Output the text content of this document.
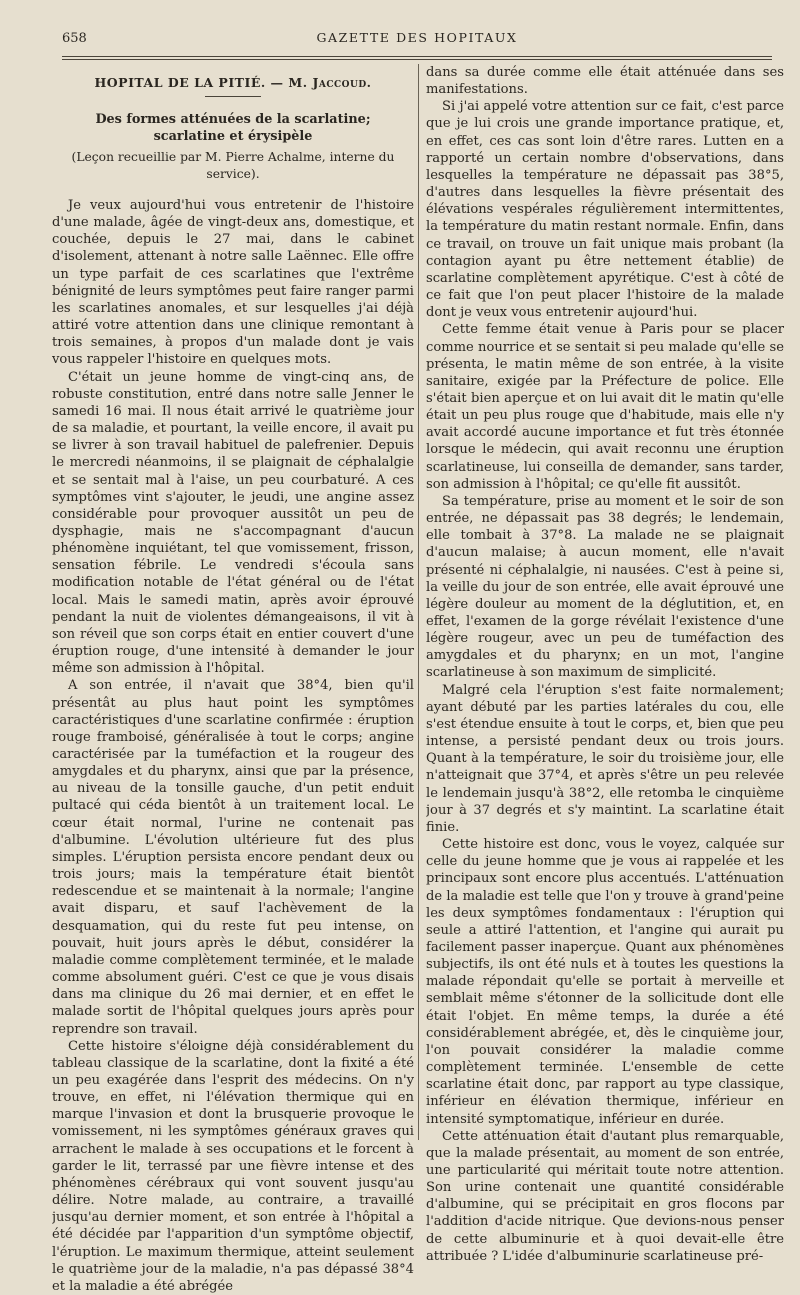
658	GAZETTE DES HOPITAUX
HOPITAL DE LA PITIÉ. — M. Jaccoud.
Des formes atténuées de la scarlatine; scarlatine et érysipèle
(Leçon recueillie par M. Pierre Achalme, interne du service).

Je veux aujourd'hui vous entretenir de l'histoire d'une malade, âgée de vingt-deux ans, domestique, et couchée, depuis le 27 mai, dans le cabinet d'isolement, attenant à notre salle Laënnec. Elle offre un type parfait de ces scarlatines que l'extrême bénignité de leurs symptômes peut faire ranger parmi les scarlatines anomales, et sur lesquelles j'ai déjà attiré votre attention dans une clinique remontant à trois semaines, à propos d'un malade dont je vais vous rappeler l'histoire en quelques mots.

C'était un jeune homme de vingt-cinq ans, de robuste constitution, entré dans notre salle Jenner le samedi 16 mai. Il nous était arrivé le quatrième jour de sa maladie, et pourtant, la veille encore, il avait pu se livrer à son travail habituel de palefrenier. Depuis le mercredi néanmoins, il se plaignait de céphalalgie et se sentait mal à l'aise, un peu courbaturé. A ces symptômes vint s'ajouter, le jeudi, une angine assez considérable pour provoquer aussitôt un peu de dysphagie, mais ne s'accompagnant d'aucun phénomène inquiétant, tel que vomissement, frisson, sensation fébrile. Le vendredi s'écoula sans modification notable de l'état général ou de l'état local. Mais le samedi matin, après avoir éprouvé pendant la nuit de violentes démangeaisons, il vit à son réveil que son corps était en entier couvert d'une éruption rouge, d'une intensité à demander le jour même son admission à l'hôpital.

A son entrée, il n'avait que 38°4, bien qu'il présentât au plus haut point les symptômes caractéristiques d'une scarlatine confirmée : éruption rouge framboisé, généralisée à tout le corps; angine caractérisée par la tuméfaction et la rougeur des amygdales et du pharynx, ainsi que par la présence, au niveau de la tonsille gauche, d'un petit enduit pultacé qui céda bientôt à un traitement local. Le cœur était normal, l'urine ne contenait pas d'albumine. L'évolution ultérieure fut des plus simples. L'éruption persista encore pendant deux ou trois jours; mais la température était bientôt redescendue et se maintenait à la normale; l'angine avait disparu, et sauf l'achèvement de la desquamation, qui du reste fut peu intense, on pouvait, huit jours après le début, considérer la maladie comme complètement terminée, et le malade comme absolument guéri. C'est ce que je vous disais dans ma clinique du 26 mai dernier, et en effet le malade sortit de l'hôpital quelques jours après pour reprendre son travail.

Cette histoire s'éloigne déjà considérablement du tableau classique de la scarlatine, dont la fixité a été un peu exagérée dans l'esprit des médecins. On n'y trouve, en effet, ni l'élévation thermique qui en marque l'invasion et dont la brusquerie provoque le vomissement, ni les symptômes généraux graves qui arrachent le malade à ses occupations et le forcent à garder le lit, terrassé par une fièvre intense et des phénomènes cérébraux qui vont souvent jusqu'au délire. Notre malade, au contraire, a travaillé jusqu'au dernier moment, et son entrée à l'hôpital a été décidée par l'apparition d'un symptôme objectif, l'éruption. Le maximum thermique, atteint seulement le quatrième jour de la maladie, n'a pas dépassé 38°4 et la maladie a été abrégée

dans sa durée comme elle était atténuée dans ses manifestations.

Si j'ai appelé votre attention sur ce fait, c'est parce que je lui crois une grande importance pratique, et, en effet, ces cas sont loin d'être rares. Lutten en a rapporté un certain nombre d'observations, dans lesquelles la température ne dépassait pas 38°5, d'autres dans lesquelles la fièvre présentait des élévations vespérales régulièrement intermittentes, la température du matin restant normale. Enfin, dans ce travail, on trouve un fait unique mais probant (la contagion ayant pu être nettement établie) de scarlatine complètement apyrétique. C'est à côté de ce fait que l'on peut placer l'histoire de la malade dont je veux vous entretenir aujourd'hui.

Cette femme était venue à Paris pour se placer comme nourrice et se sentait si peu malade qu'elle se présenta, le matin même de son entrée, à la visite sanitaire, exigée par la Préfecture de police. Elle s'était bien aperçue et on lui avait dit le matin qu'elle était un peu plus rouge que d'habitude, mais elle n'y avait accordé aucune importance et fut très étonnée lorsque le médecin, qui avait reconnu une éruption scarlatineuse, lui conseilla de demander, sans tarder, son admission à l'hôpital; ce qu'elle fit aussitôt.

Sa température, prise au moment et le soir de son entrée, ne dépassait pas 38 degrés; le lendemain, elle tombait à 37°8. La malade ne se plaignait d'aucun malaise; à aucun moment, elle n'avait présenté ni céphalalgie, ni nausées. C'est à peine si, la veille du jour de son entrée, elle avait éprouvé une légère douleur au moment de la déglutition, et, en effet, l'examen de la gorge révélait l'existence d'une légère rougeur, avec un peu de tuméfaction des amygdales et du pharynx; en un mot, l'angine scarlatineuse à son maximum de simplicité.

Malgré cela l'éruption s'est faite normalement; ayant débuté par les parties latérales du cou, elle s'est étendue ensuite à tout le corps, et, bien que peu intense, a persisté pendant deux ou trois jours. Quant à la température, le soir du troisième jour, elle n'atteignait que 37°4, et après s'être un peu relevée le lendemain jusqu'à 38°2, elle retomba le cinquième jour à 37 degrés et s'y maintint. La scarlatine était finie.

Cette histoire est donc, vous le voyez, calquée sur celle du jeune homme que je vous ai rappelée et les principaux sont encore plus accentués. L'atténuation de la maladie est telle que l'on y trouve à grand'peine les deux symptômes fondamentaux : l'éruption qui seule a attiré l'attention, et l'angine qui aurait pu facilement passer inaperçue. Quant aux phénomènes subjectifs, ils ont été nuls et à toutes les questions la malade répondait qu'elle se portait à merveille et semblait même s'étonner de la sollicitude dont elle était l'objet. En même temps, la durée a été considérablement abrégée, et, dès le cinquième jour, l'on pouvait considérer la maladie comme complètement terminée. L'ensemble de cette scarlatine était donc, par rapport au type classique, inférieur en élévation thermique, inférieur en intensité symptomatique, inférieur en durée.

Cette atténuation était d'autant plus remarquable, que la malade présentait, au moment de son entrée, une particularité qui méritait toute notre attention. Son urine contenait une quantité considérable d'albumine, qui se précipitait en gros flocons par l'addition d'acide nitrique. Que devions-nous penser de cette albuminurie et à quoi devait-elle être attribuée ? L'idée d'albuminurie scarlatineuse pré-
